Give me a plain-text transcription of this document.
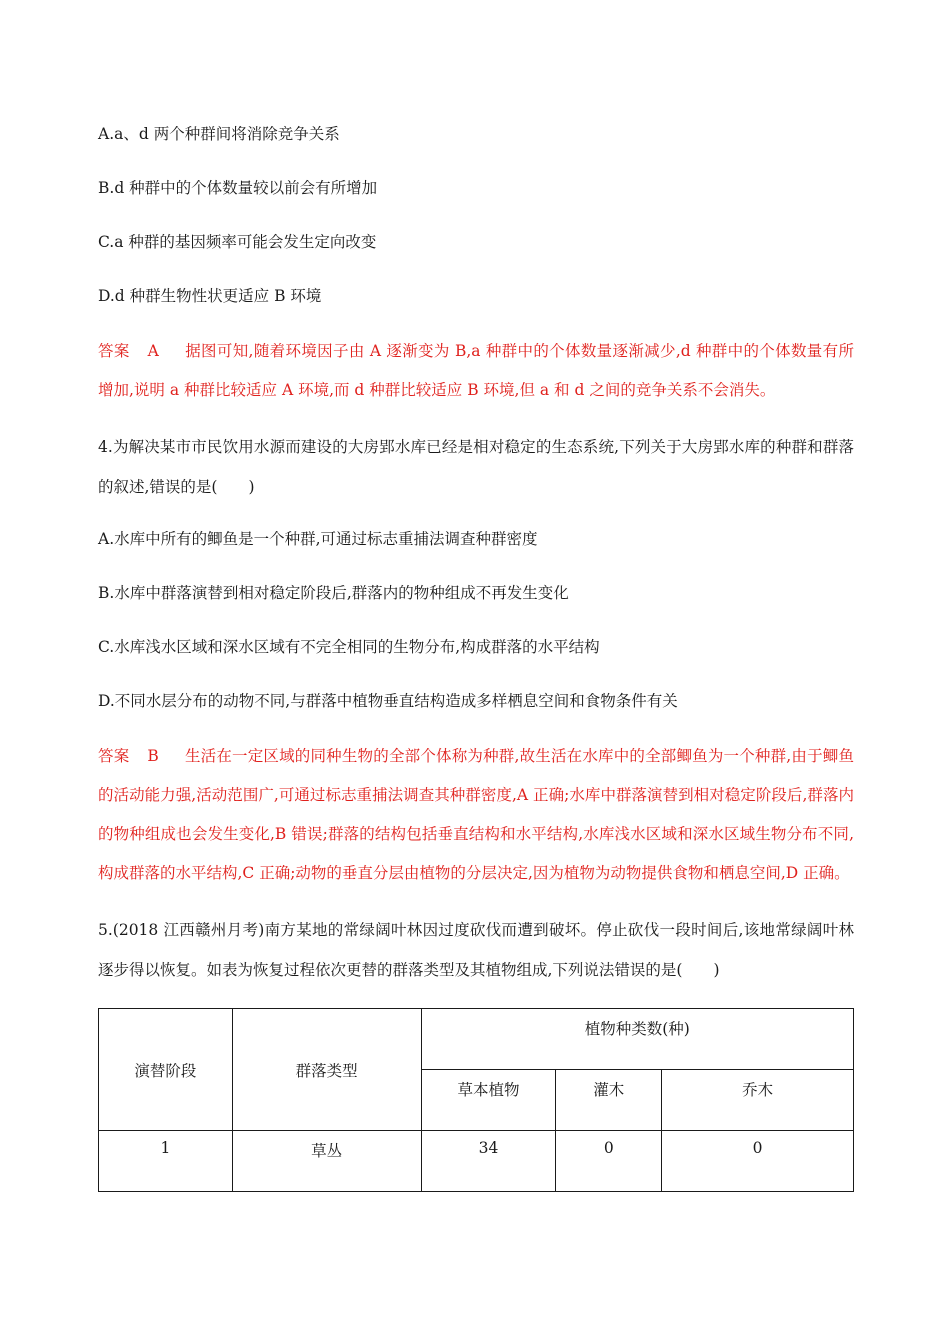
A.a、d 两个种群间将消除竞争关系
B.d 种群中的个体数量较以前会有所增加
C.a 种群的基因频率可能会发生定向改变
D.d 种群生物性状更适应 B 环境
答案 A 据图可知,随着环境因子由 A 逐渐变为 B,a 种群中的个体数量逐渐减少,d 种群中的个体数量有所增加,说明 a 种群比较适应 A 环境,而 d 种群比较适应 B 环境,但 a 和 d 之间的竞争关系不会消失。
4.为解决某市市民饮用水源而建设的大房郢水库已经是相对稳定的生态系统,下列关于大房郢水库的种群和群落的叙述,错误的是(　　)
A.水库中所有的鲫鱼是一个种群,可通过标志重捕法调查种群密度
B.水库中群落演替到相对稳定阶段后,群落内的物种组成不再发生变化
C.水库浅水区域和深水区域有不完全相同的生物分布,构成群落的水平结构
D.不同水层分布的动物不同,与群落中植物垂直结构造成多样栖息空间和食物条件有关
答案 B 生活在一定区域的同种生物的全部个体称为种群,故生活在水库中的全部鲫鱼为一个种群,由于鲫鱼的活动能力强,活动范围广,可通过标志重捕法调查其种群密度,A 正确;水库中群落演替到相对稳定阶段后,群落内的物种组成也会发生变化,B 错误;群落的结构包括垂直结构和水平结构,水库浅水区域和深水区域生物分布不同,构成群落的水平结构,C 正确;动物的垂直分层由植物的分层决定,因为植物为动物提供食物和栖息空间,D 正确。
5.(2018 江西赣州月考)南方某地的常绿阔叶林因过度砍伐而遭到破坏。停止砍伐一段时间后,该地常绿阔叶林逐步得以恢复。如表为恢复过程依次更替的群落类型及其植物组成,下列说法错误的是(　　)
演替阶段	群落类型	植物种类数(种)		
		草本植物	灌木	乔木
1	草丛	34	0	0
